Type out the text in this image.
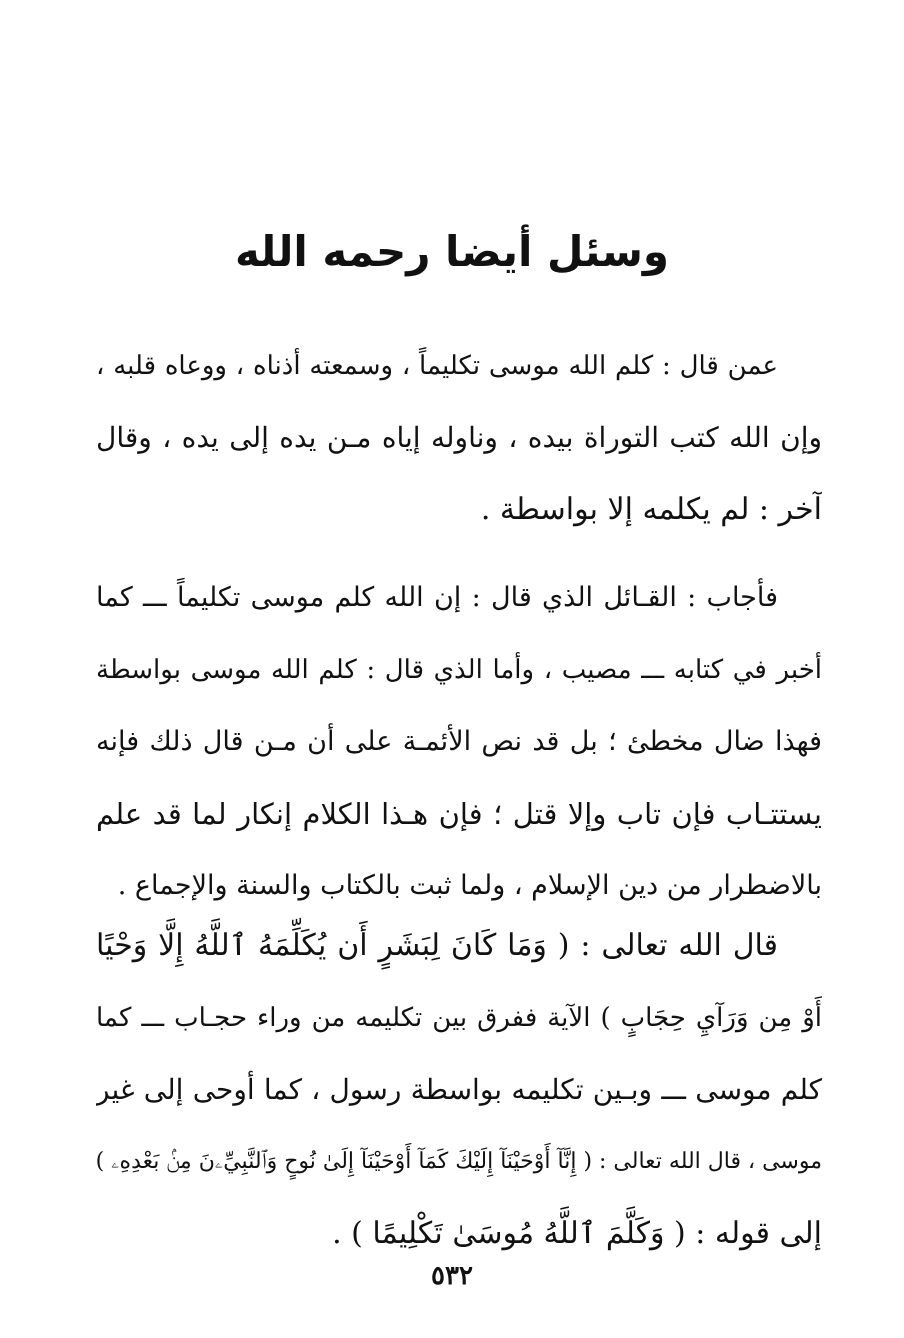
وسئل أيضا رحمه الله
عمن قال : كلم الله موسى تكليماً ، وسمعته أذناه ، ووعاه قلبه ،
وإن الله كتب التوراة بيده ، وناوله إياه مـن يده إلى يده ، وقال
آخر : لم يكلمه إلا بواسطة .
فأجاب : القـائل الذي قال : إن الله كلم موسى تكليماً ـــ كما
أخبر في كتابه ـــ مصيب ، وأما الذي قال : كلم الله موسى بواسطة
فهذا ضال مخطئ ؛ بل قد نص الأئمـة على أن مـن قال ذلك فإنه
يستتـاب فإن تاب وإلا قتل ؛ فإن هـذا الكلام إنكار لما قد علم
بالاضطرار من دين الإسلام ، ولما ثبت بالكتاب والسنة والإجماع .
قال الله تعالى : ( وَمَا كَانَ لِبَشَرٍ أَن يُكَلِّمَهُ ٱللَّهُ إِلَّا وَحْيًا
أَوْ مِن وَرَآيِ حِجَابٍ ) الآية ففرق بين تكليمه من وراء حجـاب ـــ كما
كلم موسى ـــ وبـين تكليمه بواسطة رسول ، كما أوحى إلى غير
موسى ، قال الله تعالى : ( إِنَّآ أَوْحَيْنَآ إِلَيْكَ كَمَآ أَوْحَيْنَآ إِلَىٰ نُوحٍ وَٱلنَّبِيِّۦنَ مِنۢ بَعْدِهِۦ )
إلى قوله : ( وَكَلَّمَ ٱللَّهُ مُوسَىٰ تَكْلِيمًا ) .
٥٣٢
